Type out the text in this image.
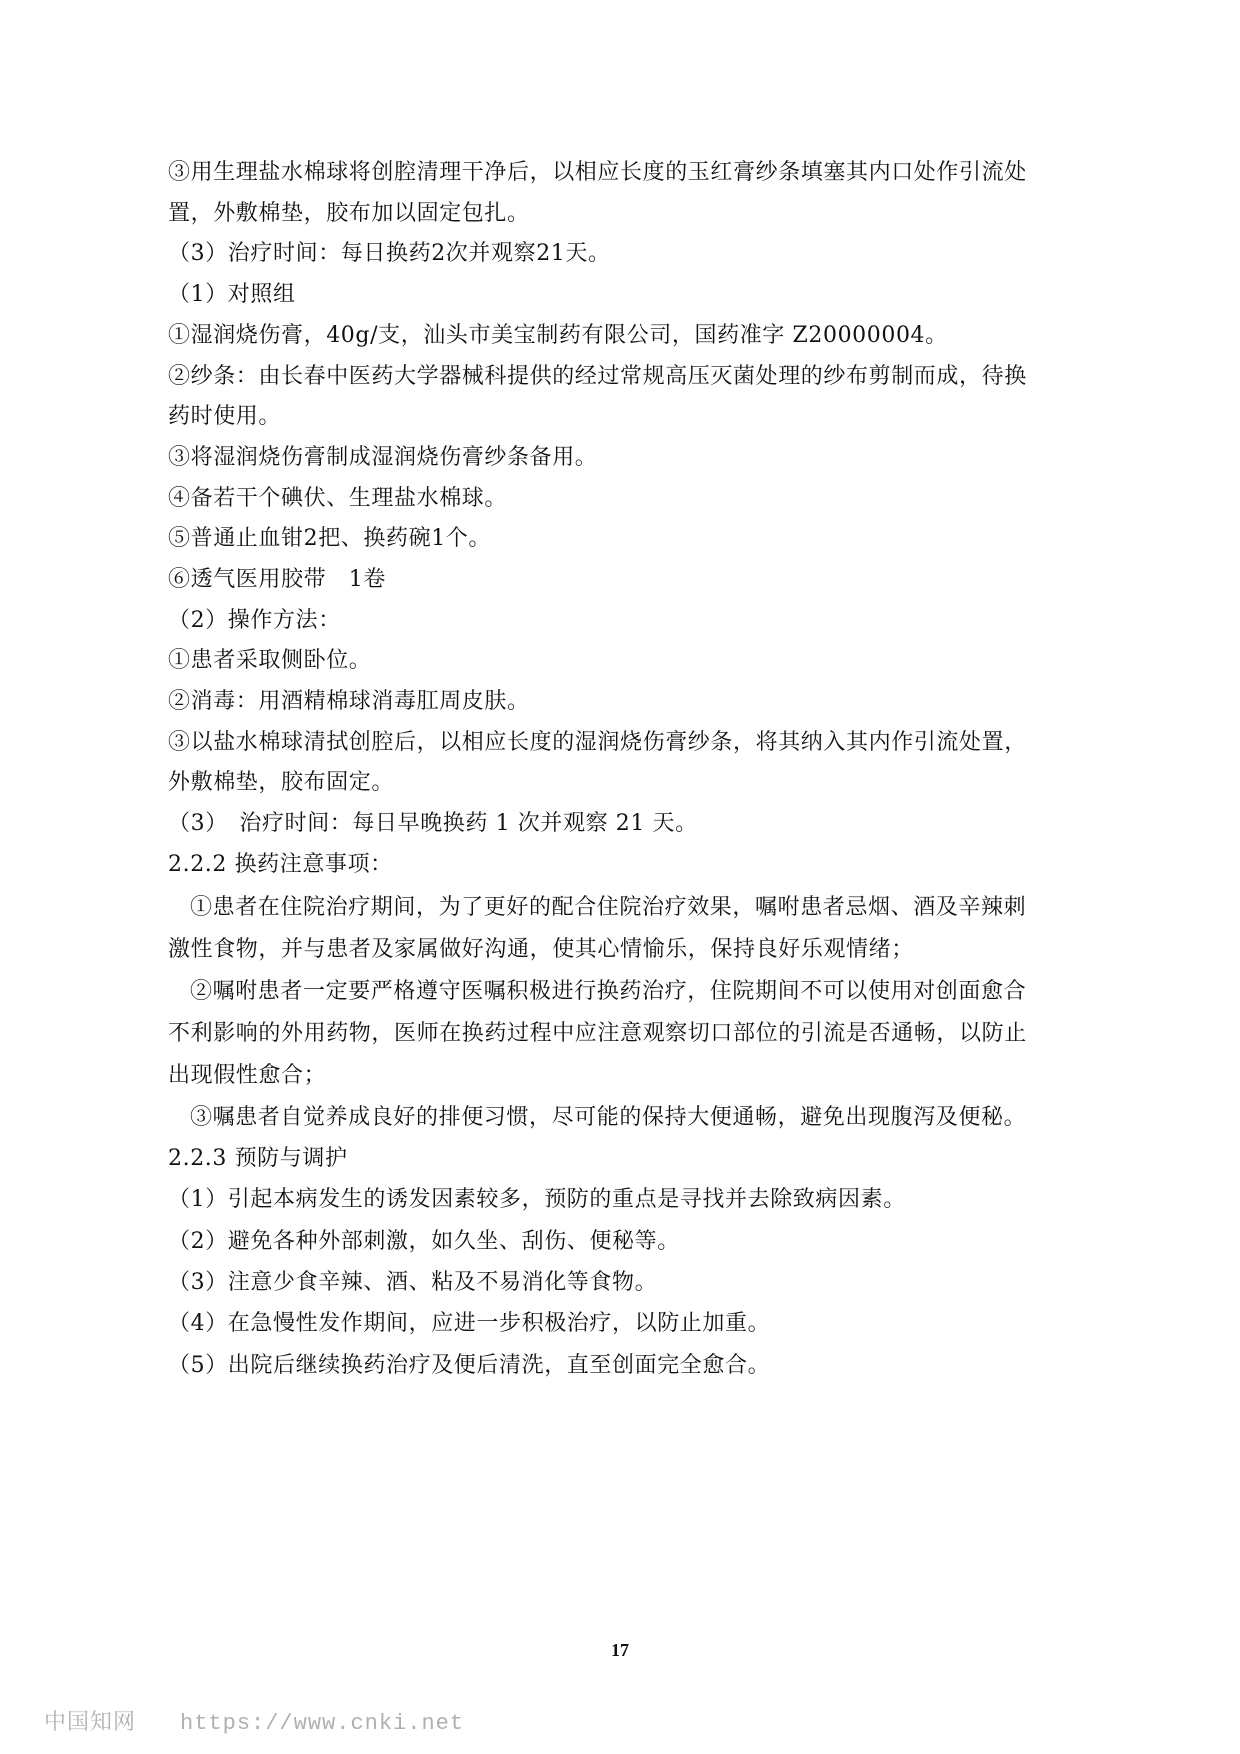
③用生理盐水棉球将创腔清理干净后，以相应长度的玉红膏纱条填塞其内口处作引流处
置，外敷棉垫，胶布加以固定包扎。
（3）治疗时间：每日换药2次并观察21天。
（1）对照组
①湿润烧伤膏，40g/支，汕头市美宝制药有限公司，国药准字 Z20000004。
②纱条：由长春中医药大学器械科提供的经过常规高压灭菌处理的纱布剪制而成，待换
药时使用。
③将湿润烧伤膏制成湿润烧伤膏纱条备用。
④备若干个碘伏、生理盐水棉球。
⑤普通止血钳2把、换药碗1个。
⑥透气医用胶带　1卷
（2）操作方法：
①患者采取侧卧位。
②消毒：用酒精棉球消毒肛周皮肤。
③以盐水棉球清拭创腔后，以相应长度的湿润烧伤膏纱条，将其纳入其内作引流处置，
外敷棉垫，胶布固定。
（3）　治疗时间：每日早晚换药 1 次并观察 21 天。
2.2.2 换药注意事项：
①患者在住院治疗期间，为了更好的配合住院治疗效果，嘱咐患者忌烟、酒及辛辣刺
激性食物，并与患者及家属做好沟通，使其心情愉乐，保持良好乐观情绪；
②嘱咐患者一定要严格遵守医嘱积极进行换药治疗，住院期间不可以使用对创面愈合
不利影响的外用药物，医师在换药过程中应注意观察切口部位的引流是否通畅，以防止
出现假性愈合；
③嘱患者自觉养成良好的排便习惯，尽可能的保持大便通畅，避免出现腹泻及便秘。
2.2.3 预防与调护
（1）引起本病发生的诱发因素较多，预防的重点是寻找并去除致病因素。
（2）避免各种外部刺激，如久坐、刮伤、便秘等。
（3）注意少食辛辣、酒、粘及不易消化等食物。
（4）在急慢性发作期间，应进一步积极治疗，以防止加重。
（5）出院后继续换药治疗及便后清洗，直至创面完全愈合。
17
中国知网 https://www.cnki.net
